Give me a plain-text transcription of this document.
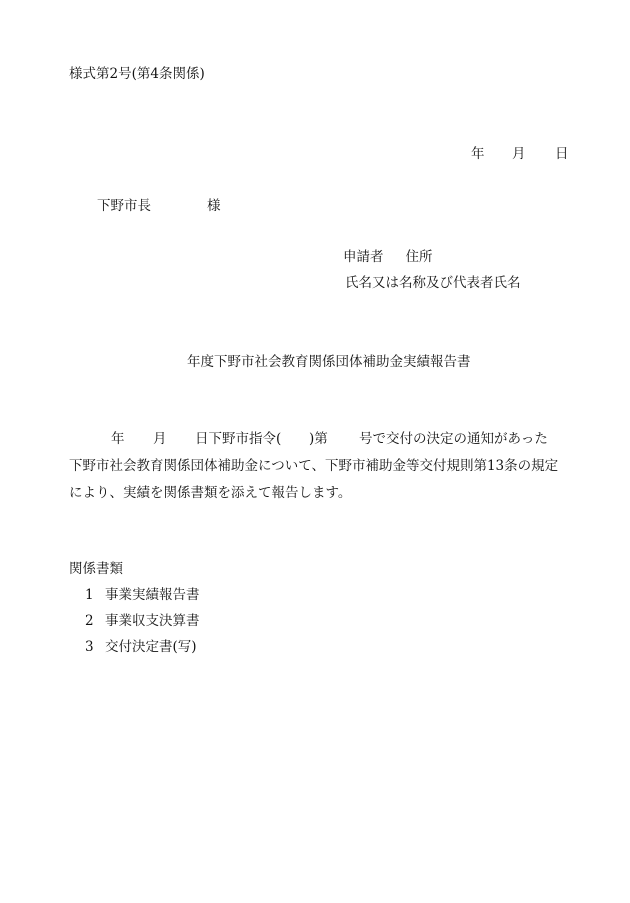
様式第2号(第4条関係)

年

月

日

下野市長

	様

申請者 住所
氏名又は名称及び代表者氏名
年度下野市社会教育関係団体補助金実績報告書

年

月

日下野市指令(

)第

号で交付の決定の通知があった

下野市社会教育関係団体補助金について、下野市補助金等交付規則第13条の規定
により、実績を関係書類を添えて報告します。
関係書類
1 事業実績報告書
2 事業収支決算書
3 交付決定書(写)
